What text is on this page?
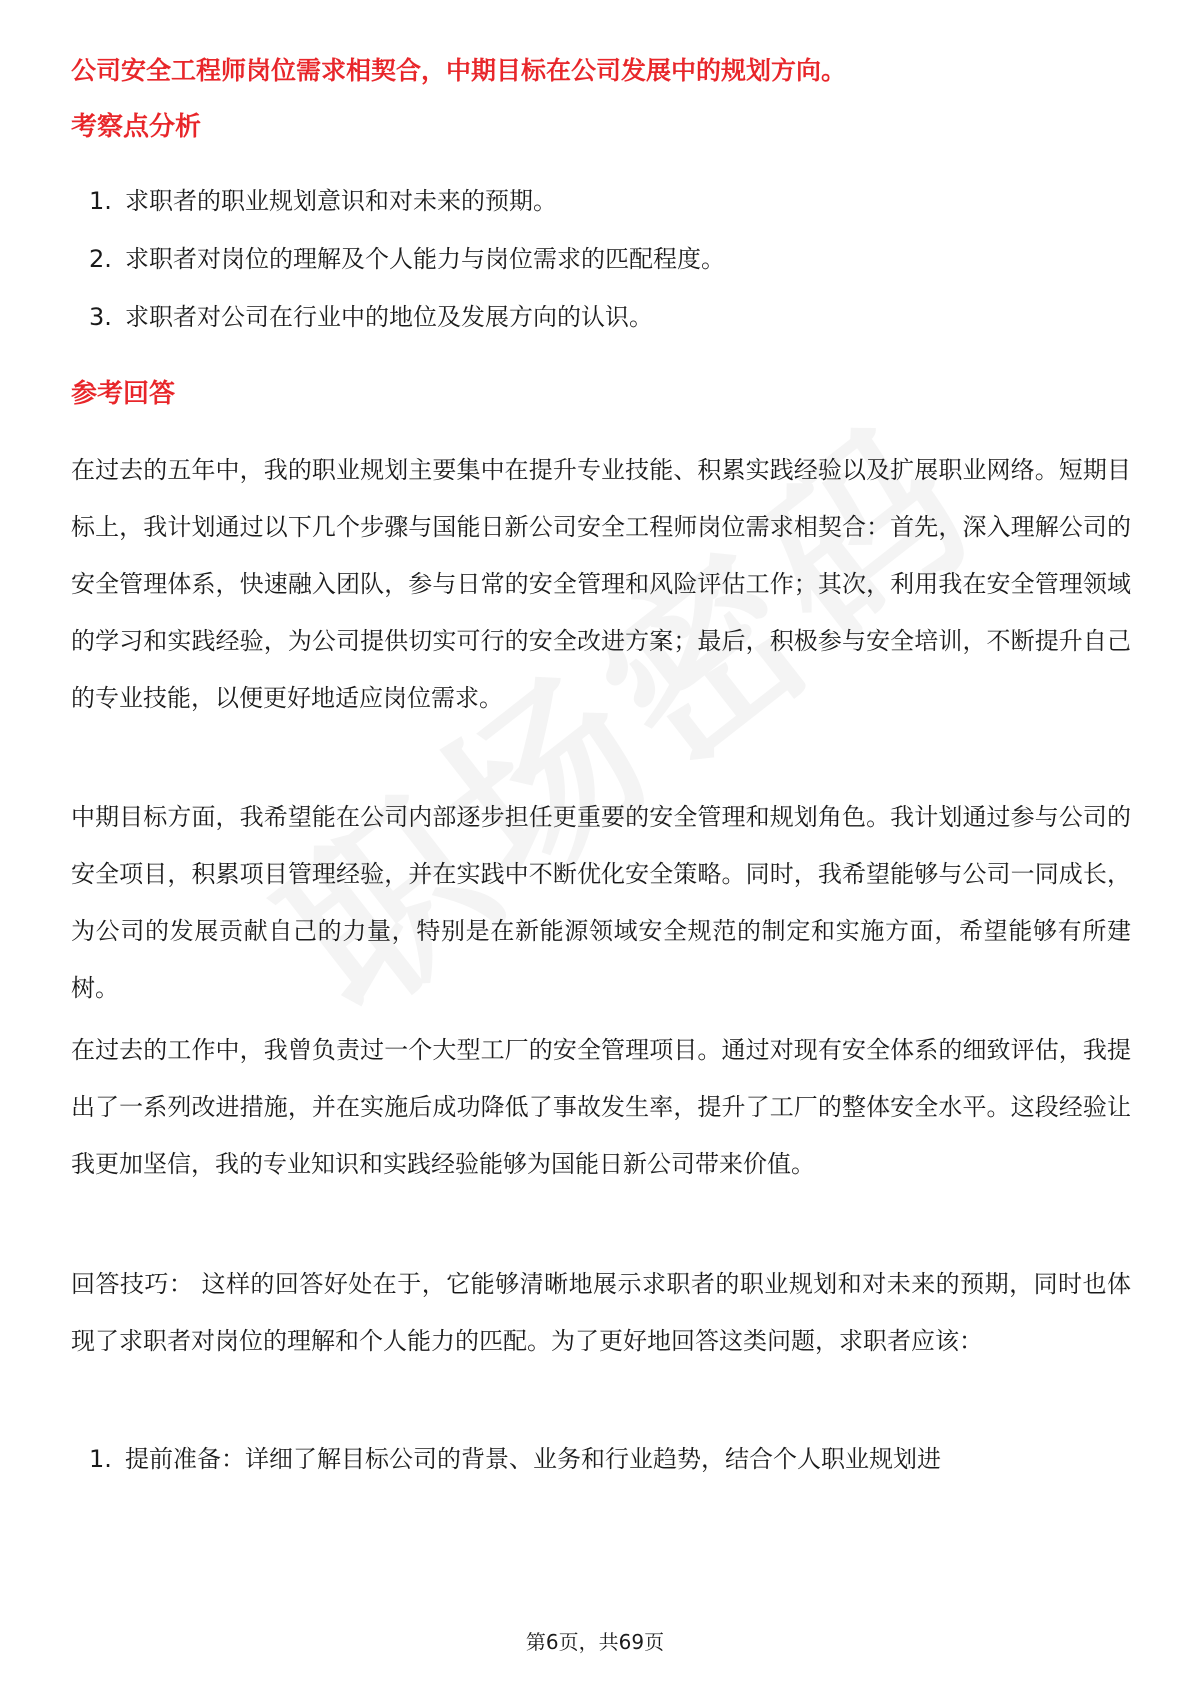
公司安全工程师岗位需求相契合，中期目标在公司发展中的规划方向。
考察点分析
1. 求职者的职业规划意识和对未来的预期。
2. 求职者对岗位的理解及个人能力与岗位需求的匹配程度。
3. 求职者对公司在行业中的地位及发展方向的认识。
参考回答

在过去的五年中，我的职业规划主要集中在提升专业技能、积累实践经验以及扩展职业网络。短期目标上，我计划通过以下几个步骤与国能日新公司安全工程师岗位需求相契合：首先，深入理解公司的安全管理体系，快速融入团队，参与日常的安全管理和风险评估工作；其次，利用我在安全管理领域的学习和实践经验，为公司提供切实可行的安全改进方案；最后，积极参与安全培训，不断提升自己的专业技能，以便更好地适应岗位需求。

中期目标方面，我希望能在公司内部逐步担任更重要的安全管理和规划角色。我计划通过参与公司的安全项目，积累项目管理经验，并在实践中不断优化安全策略。同时，我希望能够与公司一同成长，为公司的发展贡献自己的力量，特别是在新能源领域安全规范的制定和实施方面，希望能够有所建树。

在过去的工作中，我曾负责过一个大型工厂的安全管理项目。通过对现有安全体系的细致评估，我提出了一系列改进措施，并在实施后成功降低了事故发生率，提升了工厂的整体安全水平。这段经验让我更加坚信，我的专业知识和实践经验能够为国能日新公司带来价值。

回答技巧： 这样的回答好处在于，它能够清晰地展示求职者的职业规划和对未来的预期，同时也体现了求职者对岗位的理解和个人能力的匹配。为了更好地回答这类问题，求职者应该：

1. 提前准备：详细了解目标公司的背景、业务和行业趋势，结合个人职业规划进
第6页，共69页
